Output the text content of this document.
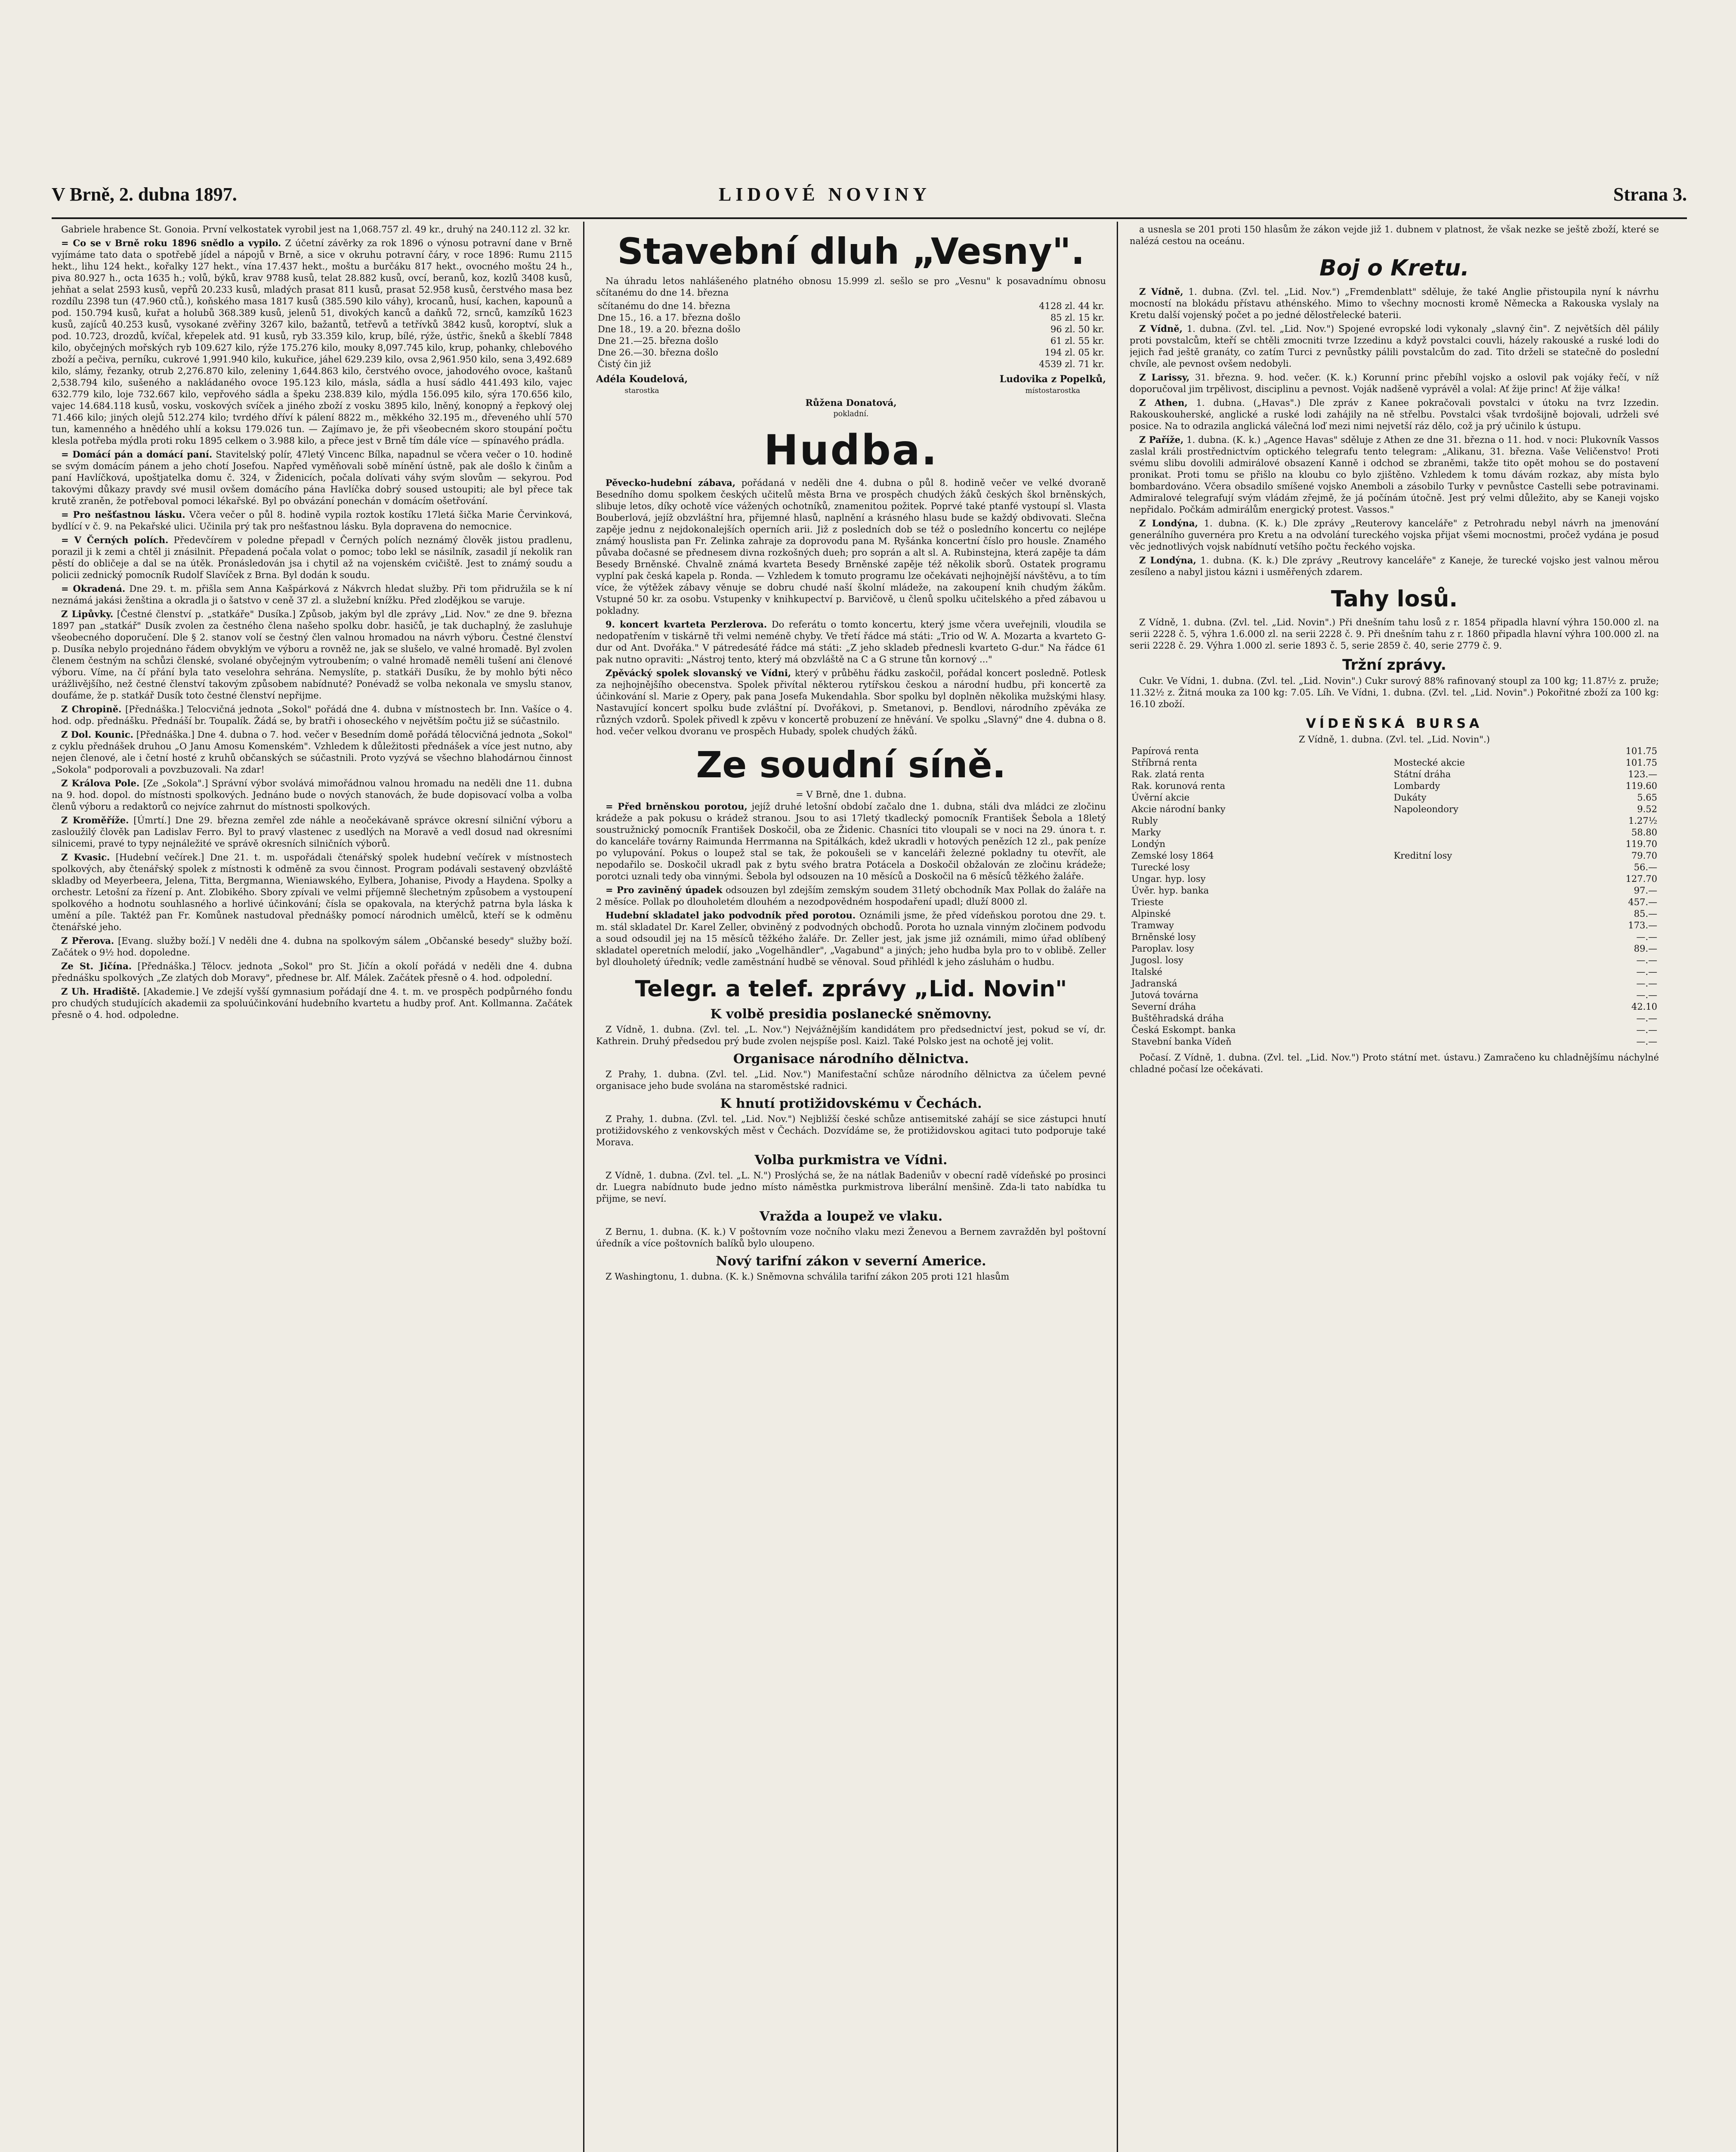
V Brně, 2. dubna 1897.	LIDOVÉ NOVINY	Strana 3.

Gabriele hrabence St. Gonoia. První velkostatek vyrobil jest na 1,068.757 zl. 49 kr., druhý na 240.112 zl. 32 kr.

= Co se v Brně roku 1896 snědlo a vypilo. Z účetní závěrky za rok 1896 o výnosu potravní dane v Brně vyjímáme tato data o spotřebě jídel a nápojů v Brně, a sice v okruhu potravní čáry, v roce 1896: Rumu 2115 hekt., lihu 124 hekt., kořalky 127 hekt., vína 17.437 hekt., moštu a burčáku 817 hekt., ovocného moštu 24 h., piva 80.927 h., octa 1635 h.; volů, býků, krav 9788 kusů, telat 28.882 kusů, ovcí, beranů, koz, kozlů 3408 kusů, jehňat a selat 2593 kusů, vepřů 20.233 kusů, mladých prasat 811 kusů, prasat 52.958 kusů, čerstvého masa bez rozdílu 2398 tun (47.960 ctů.), koňského masa 1817 kusů (385.590 kilo váhy), krocanů, husí, kachen, kapounů a pod. 150.794 kusů, kuřat a holubů 368.389 kusů, jelenů 51, divokých kanců a daňků 72, srnců, kamzíků 1623 kusů, zajíců 40.253 kusů, vysokané zvěřiny 3267 kilo, bažantů, tetřevů a tetřívků 3842 kusů, koroptví, sluk a pod. 10.723, drozdů, kvíčal, křepelek atd. 91 kusů, ryb 33.359 kilo, krup, bílé, rýže, ústřic, šneků a škeblí 7848 kilo, obyčejných mořských ryb 109.627 kilo, rýže 175.276 kilo, mouky 8,097.745 kilo, krup, pohanky, chlebového zboží a pečiva, perníku, cukrové 1,991.940 kilo, kukuřice, jáhel 629.239 kilo, ovsa 2,961.950 kilo, sena 3,492.689 kilo, slámy, řezanky, otrub 2,276.870 kilo, zeleniny 1,644.863 kilo, čerstvého ovoce, jahodového ovoce, kaštanů 2,538.794 kilo, sušeného a nakládaného ovoce 195.123 kilo, másla, sádla a husí sádlo 441.493 kilo, vajec 632.779 kilo, loje 732.667 kilo, vepřového sádla a špeku 238.839 kilo, mýdla 156.095 kilo, sýra 170.656 kilo, vajec 14.684.118 kusů, vosku, voskových svíček a jiného zboží z vosku 3895 kilo, lněný, konopný a řepkový olej 71.466 kilo; jiných olejů 512.274 kilo; tvrdého dříví k pálení 8822 m., měkkého 32.195 m., dřeveného uhlí 570 tun, kamenného a hnědého uhlí a koksu 179.026 tun. — Zajímavo je, že při všeobecném skoro stoupání počtu klesla potřeba mýdla proti roku 1895 celkem o 3.988 kilo, a přece jest v Brně tím dále více — spínavého prádla.

= Domácí pán a domácí paní. Stavitelský polír, 47letý Vincenc Bílka, napadnul se včera večer o 10. hodině se svým domácím pánem a jeho chotí Josefou. Napřed vyměňovali sobě mínění ústně, pak ale došlo k činům a paní Havlíčková, upoštjatelka domu č. 324, v Židenicích, počala dolívati váhy svým slovům — sekyrou. Pod takovými důkazy pravdy své musil ovšem domácího pána Havlíčka dobrý soused ustoupiti; ale byl přece tak krutě zraněn, že potřeboval pomoci lékařské. Byl po obvázání ponechán v domácím ošetřování.

= Pro nešťastnou lásku. Včera večer o půl 8. hodině vypila roztok kostíku 17letá šička Marie Červinková, bydlící v č. 9. na Pekařské ulici. Učinila prý tak pro nešťastnou lásku. Byla dopravena do nemocnice.

= V Černých polích. Předevčírem v poledne přepadl v Černých polích neznámý člověk jistou pradlenu, porazil ji k zemi a chtěl ji znásilnit. Přepadená počala volat o pomoc; tobo lekl se násilník, zasadil jí nekolik ran pěstí do obličeje a dal se na útěk. Pronásledován jsa i chytil až na vojenském cvičiště. Jest to známý soudu a policii zednický pomocník Rudolf Slavíček z Brna. Byl dodán k soudu.

= Okradená. Dne 29. t. m. přišla sem Anna Kašpárková z Nákvrch hledat služby. Při tom přidružila se k ní neznámá jakási ženština a okradla ji o šatstvo v ceně 37 zl. a služební knížku. Před zlodějkou se varuje.

Z Lipůvky. [Čestné členství p. „statkáře" Dusíka.] Způsob, jakým byl dle zprávy „Lid. Nov." ze dne 9. března 1897 pan „statkář" Dusík zvolen za čestného člena našeho spolku dobr. hasičů, je tak duchaplný, že zasluhuje všeobecného doporučení. Dle § 2. stanov volí se čestný člen valnou hromadou na návrh výboru. Čestné členství p. Dusíka nebylo projednáno řádem obvyklým ve výboru a rovněž ne, jak se slušelo, ve valné hromadě. Byl zvolen členem čestným na schůzi členské, svolané obyčejným vytroubením; o valné hromadě neměli tušení ani členové výboru. Víme, na čí přání byla tato veselohra sehrána. Nemyslíte, p. statkáři Dusíku, že by mohlo býti něco urážlivějšího, než čestné členství takovým způsobem nabídnuté? Ponévadž se volba nekonala ve smyslu stanov, doufáme, že p. statkář Dusík toto čestné členství nepřijme.

Z Chropině. [Přednáška.] Telocvičná jednota „Sokol" pořádá dne 4. dubna v místnostech br. Inn. Vašíce o 4. hod. odp. přednášku. Přednáší br. Toupalík. Žádá se, by bratři i ohoseckého v největším počtu již se súčastnilo.

Z Dol. Kounic. [Přednáška.] Dne 4. dubna o 7. hod. večer v Besedním domě pořádá tělocvičná jednota „Sokol" z cyklu přednášek druhou „O Janu Amosu Komenském". Vzhledem k důležitosti přednášek a více jest nutno, aby nejen členové, ale i četní hosté z kruhů občanských se súčastnili. Proto vyzývá se všechno blahodárnou činnost „Sokola" podporovali a povzbuzovali. Na zdar!

Z Králova Pole. [Ze „Sokola".] Správní výbor svolává mimořádnou valnou hromadu na neděli dne 11. dubna na 9. hod. dopol. do místnosti spolkových. Jednáno bude o nových stanovách, že bude dopisovací volba a volba členů výboru a redaktorů co nejvíce zahrnut do místnosti spolkových.

Z Kroměříže. [Úmrtí.] Dne 29. března zemřel zde náhle a neočekávaně správce okresní silniční výboru a zasloužilý člověk pan Ladislav Ferro. Byl to pravý vlastenec z usedlých na Moravě a vedl dosud nad okresními silnicemi, pravé to typy nejnáležité ve správě okresních silničních výborů.

Z Kvasic. [Hudební večírek.] Dne 21. t. m. uspořádali čtenářský spolek hudební večírek v místnostech spolkových, aby čtenářský spolek z místnosti k odměně za svou činnost. Program podávali sestavený obzvláště skladby od Meyerbeera, Jelena, Titta, Bergmanna, Wieniawského, Eylbera, Johanise, Pivody a Haydena. Spolky a orchestr. Letošní za řízení p. Ant. Zlobikého. Sbory zpívali ve velmi příjemně šlechetným způsobem a vystoupení spolkového a hodnotu souhlasného a horlivé účinkování; čísla se opakovala, na kterýchž patrna byla láska k umění a píle. Taktéž pan Fr. Komůnek nastudoval přednášky pomocí národnich umělců, kteří se k odměnu čtenářské jeho.

Z Přerova. [Evang. služby boží.] V neděli dne 4. dubna na spolkovým sálem „Občanské besedy" služby boží. Začátek o 9½ hod. dopoledne.

Ze St. Jičína. [Přednáška.] Tělocv. jednota „Sokol" pro St. Jičín a okolí pořádá v neděli dne 4. dubna přednášku spolkových „Ze zlatých dob Moravy", přednese br. Alf. Málek. Začátek přesně o 4. hod. odpolední.

Z Uh. Hradiště. [Akademie.] Ve zdejší vyšší gymnasium pořádají dne 4. t. m. ve prospěch podpůrného fondu pro chudých studujících akademii za spoluúčinkování hudebního kvartetu a hudby prof. Ant. Kollmanna. Začátek přesně o 4. hod. odpoledne.

Stavební dluh „Vesny".

Na úhradu letos nahlášeného platného obnosu 15.999 zl. sešlo se pro „Vesnu" k posavadnímu obnosu sčítanému do dne 14. března

sčítanému do dne 14. března	4128 zl. 44 kr.
Dne 15., 16. a 17. března došlo	85 zl. 15 kr.
Dne 18., 19. a 20. března došlo	96 zl. 50 kr.
Dne 21.—25. března došlo	61 zl. 55 kr.
Dne 26.—30. března došlo	194 zl. 05 kr.
Čistý čin již	4539 zl. 71 kr.
Adéla Koudelová,
starostka
Ludovika z Popelků,
místostarostka
Růžena Donatová,
pokladní.
Hudba.

Pěvecko-hudební zábava, pořádaná v neděli dne 4. dubna o půl 8. hodině večer ve velké dvoraně Besedního domu spolkem českých učitelů města Brna ve prospěch chudých žáků českých škol brněnských, slibuje letos, díky ochotě více vážených ochotníků, znamenitou požitek. Poprvé také ptanfé vystoupí sl. Vlasta Bouberlová, jejíž obzvláštní hra, přijemné hlasů, naplnění a krásného hlasu bude se každý obdivovati. Slečna zapěje jednu z nejdokonalejších operních arii. Již z posledních dob se též o posledního koncertu co nejlépe známý houslista pan Fr. Zelinka zahraje za doprovodu pana M. Ryšánka koncertní číslo pro housle. Znamého půvaba dočasné se přednesem divna rozkošných dueh; pro soprán a alt sl. A. Rubinstejna, která zapěje ta dám Besedy Brněnské. Chvalně známá kvarteta Besedy Brněnské zapěje též několik sborů. Ostatek programu vyplní pak česká kapela p. Ronda. — Vzhledem k tomuto programu lze očekávati nejhojnější návštěvu, a to tím více, že výtěžek zábavy věnuje se dobru chudé naší školní mládeže, na zakoupení knih chudým žákům. Vstupné 50 kr. za osobu. Vstupenky v knihkupectví p. Barvičově, u členů spolku učitelského a před zábavou u pokladny.

9. koncert kvarteta Perzlerova. Do referátu o tomto koncertu, který jsme včera uveřejnili, vloudila se nedopatřením v tiskárně tři velmi neméně chyby. Ve třetí řádce má státi: „Trio od W. A. Mozarta a kvarteto G-dur od Ant. Dvořáka." V pátredesáté řádce má státi: „Z jeho skladeb přednesli kvarteto G-dur." Na řádce 61 pak nutno opraviti: „Nástroj tento, který má obzvláště na C a G strune tůn kornový ..."

Zpěvácký spolek slovanský ve Vídni, který v průběhu řádku zaskočil, pořádal koncert posledně. Potlesk za nejhojnějšího obecenstva. Spolek přivítal některou rytířskou českou a národní hudbu, při koncertě za účinkování sl. Marie z Opery, pak pana Josefa Mukendahla. Sbor spolku byl doplněn několika mužskými hlasy. Nastavující koncert spolku bude zvláštní pí. Dvořákovi, p. Smetanovi, p. Bendlovi, národního zpěváka ze různých vzdorů. Spolek přivedl k zpěvu v koncertě probuzení ze hněvání. Ve spolku „Slavný" dne 4. dubna o 8. hod. večer velkou dvoranu ve prospěch Hubady, spolek chudých žáků.

Ze soudní síně.
= V Brně, dne 1. dubna.

= Před brněnskou porotou, jejíž druhé letošní období začalo dne 1. dubna, stáli dva mládci ze zločinu krádeže a pak pokusu o krádež stranou. Jsou to asi 17letý tkadlecký pomocník František Šebola a 18letý soustružnický pomocník František Doskočil, oba ze Židenic. Chasníci tito vloupali se v noci na 29. února t. r. do kanceláře továrny Raimunda Herrmanna na Spitálkách, kdež ukradli v hotových penězích 12 zl., pak peníze po vylupování. Pokus o loupež stal se tak, že pokoušeli se v kanceláři železné pokladny tu otevřít, ale nepodařilo se. Doskočil ukradl pak z bytu svého bratra Potácela a Doskočil obžalován ze zločinu krádeže; porotci uznali tedy oba vinnými. Šebola byl odsouzen na 10 měsíců a Doskočil na 6 měsíců těžkého žaláře.

= Pro zaviněný úpadek odsouzen byl zdejším zemským soudem 31letý obchodník Max Pollak do žaláře na 2 měsíce. Pollak po dlouholetém dlouhém a nezodpovědném hospodaření upadl; dluží 8000 zl.

Hudební skladatel jako podvodník před porotou. Oznámili jsme, že před vídeňskou porotou dne 29. t. m. stál skladatel Dr. Karel Zeller, obviněný z podvodných obchodů. Porota ho uznala vinným zločinem podvodu a soud odsoudil jej na 15 měsíců těžkého žaláře. Dr. Zeller jest, jak jsme již oznámili, mimo úřad oblíbený skladatel operetních melodií, jako „Vogelhändler", „Vagabund" a jiných; jeho hudba byla pro to v oblibě. Zeller byl dlouholetý úředník; vedle zaměstnání hudbě se věnoval. Soud přihlédl k jeho zásluhám o hudbu.

Telegr. a telef. zprávy „Lid. Novin"
K volbě presidia poslanecké sněmovny.

Z Vídně, 1. dubna. (Zvl. tel. „L. Nov.") Nejvážnějším kandidátem pro předsednictví jest, pokud se ví, dr. Kathrein. Druhý předsedou prý bude zvolen nejspíše posl. Kaizl. Také Polsko jest na ochotě jej volit.

Organisace národního dělnictva.

Z Prahy, 1. dubna. (Zvl. tel. „Lid. Nov.") Manifestační schůze národního dělnictva za účelem pevné organisace jeho bude svolána na staroměstské radnici.

K hnutí protižidovskému v Čechách.

Z Prahy, 1. dubna. (Zvl. tel. „Lid. Nov.") Nejbližší české schůze antisemitské zahájí se sice zástupci hnutí protižidovského z venkovských měst v Čechách. Dozvídáme se, že protižidovskou agitaci tuto podporuje také Morava.

Volba purkmistra ve Vídni.

Z Vídně, 1. dubna. (Zvl. tel. „L. N.") Proslýchá se, že na nátlak Badeniův v obecní radě vídeňské po prosinci dr. Luegra nabídnuto bude jedno místo náměstka purkmistrova liberální menšině. Zda-li tato nabídka tu přijme, se neví.

Vražda a loupež ve vlaku.

Z Bernu, 1. dubna. (K. k.) V poštovním voze nočního vlaku mezi Ženevou a Bernem zavražděn byl poštovní úředník a více poštovních balíků bylo uloupeno.

Nový tarifní zákon v severní Americe.

Z Washingtonu, 1. dubna. (K. k.) Sněmovna schválila tarifní zákon 205 proti 121 hlasům

a usnesla se 201 proti 150 hlasům že zákon vejde již 1. dubnem v platnost, že však nezke se ještě zboží, které se nalézá cestou na oceánu.

Boj o Kretu.

Z Vídně, 1. dubna. (Zvl. tel. „Lid. Nov.") „Fremdenblatt" sděluje, že také Anglie přistoupila nyní k návrhu mocností na blokádu přístavu athénského. Mimo to všechny mocnosti kromě Německa a Rakouska vyslaly na Kretu další vojenský počet a po jedné dělostřelecké baterii.

Z Vídně, 1. dubna. (Zvl. tel. „Lid. Nov.") Spojené evropské lodi vykonaly „slavný čin". Z největších děl pálily proti povstalcům, kteří se chtěli zmocniti tvrze Izzedinu a když povstalci couvli, házely rakouské a ruské lodi do jejich řad ještě granáty, co zatím Turci z pevnůstky pálili povstalcům do zad. Tito drželi se statečně do poslední chvíle, ale pevnost ovšem nedobyli.

Z Larissy, 31. března. 9. hod. večer. (K. k.) Korunní princ přebíhl vojsko a oslovil pak vojáky řečí, v níž doporučoval jim trpělivost, disciplinu a pevnost. Voják nadšeně vyprávěl a volal: Ať žije princ! Ať žije válka!

Z Athen, 1. dubna. („Havas".) Dle zpráv z Kanee pokračovali povstalci v útoku na tvrz Izzedin. Rakouskouherské, anglické a ruské lodi zahájily na ně střelbu. Povstalci však tvrdošijně bojovali, udrželi své posice. Na to odrazila anglická válečná loď mezi nimi nejvetší ráz dělo, což ja prý učinilo k ústupu.

Z Paříže, 1. dubna. (K. k.) „Agence Havas" sděluje z Athen ze dne 31. března o 11. hod. v noci: Plukovník Vassos zaslal králi prostřednictvím optického telegrafu tento telegram: „Alikanu, 31. března. Vaše Veličenstvo! Proti svému slibu dovolili admirálové obsazení Kanně i odchod se zbraněmi, takže tito opět mohou se do postavení pronikat. Proti tomu se přišlo na kloubu co bylo zjištěno. Vzhledem k tomu dávám rozkaz, aby místa bylo bombardováno. Včera obsadilo smíšené vojsko Anemboli a zásobilo Turky v pevnůstce Castelli sebe potravinami. Admiralové telegrafují svým vládám zřejmě, že já počínám útočně. Jest prý velmi důležito, aby se Kaneji vojsko nepřidalo. Počkám admirálům energický protest. Vassos."

Z Londýna, 1. dubna. (K. k.) Dle zprávy „Reuterovy kanceláře" z Petrohradu nebyl návrh na jmenování generálního guvernéra pro Kretu a na odvolání tureckého vojska přijat všemi mocnostmi, pročež vydána je posud věc jednotlivých vojsk nabídnutí vetšího počtu řeckého vojska.

Z Londýna, 1. dubna. (K. k.) Dle zprávy „Reutrovy kanceláře" z Kaneje, že turecké vojsko jest valnou měrou zesíleno a nabyl jistou kázni i usměřených zdarem.

Tahy losů.

Z Vídně, 1. dubna. (Zvl. tel. „Lid. Novin".) Při dnešním tahu losů z r. 1854 připadla hlavní výhra 150.000 zl. na serii 2228 č. 5, výhra 1.6.000 zl. na serii 2228 č. 9. Při dnešním tahu z r. 1860 připadla hlavní výhra 100.000 zl. na serii 2228 č. 29. Výhra 1.000 zl. serie 1893 č. 5, serie 2859 č. 40, serie 2779 č. 9.

Tržní zprávy.

Cukr. Ve Vídni, 1. dubna. (Zvl. tel. „Lid. Novin".) Cukr surový 88% rafinovaný stoupl za 100 kg; 11.87½ z. pruže; 11.32½ z. Žitná mouka za 100 kg: 7.05. Líh. Ve Vídni, 1. dubna. (Zvl. tel. „Lid. Novin".) Pokořitné zboží za 100 kg: 16.10 zboží.

VÍDEŇSKÁ BURSA
Z Vídně, 1. dubna. (Zvl. tel. „Lid. Novin".)
Papírová renta		101.75
Stříbrná renta	Mostecké akcie	101.75
Rak. zlatá renta	Státní dráha	123.—
Rak. korunová renta	Lombardy	119.60
Úvěrní akcie	Dukáty	5.65
Akcie národní banky	Napoleondory	9.52
Rubly		1.27½
Marky		58.80
Londýn		119.70
Zemské losy 1864	Kreditní losy	79.70
Turecké losy		56.—
Ungar. hyp. losy		127.70
Úvěr. hyp. banka		97.—
Trieste		457.—
Alpinské		85.—
Tramway		173.—
Brněnské losy		—.—
Paroplav. losy		89.—
Jugosl. losy		—.—
Italské		—.—
Jadranská		—.—
Jutová továrna		—.—
Severní dráha		42.10
Buštěhradská dráha		—.—
Česká Eskompt. banka		—.—
Stavební banka Vídeň		—.—

Počasí. Z Vídně, 1. dubna. (Zvl. tel. „Lid. Nov.") Proto státní met. ústavu.) Zamračeno ku chladnějšímu náchylné chladné počasí lze očekávati.
